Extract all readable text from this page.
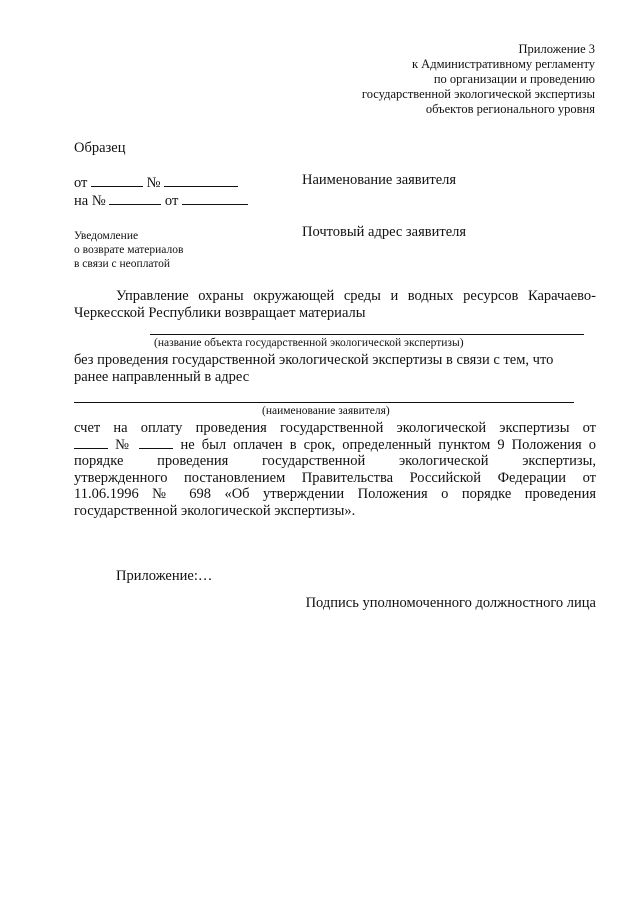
Приложение 3
к Административному регламенту
по организации и проведению
государственной экологической экспертизы
объектов регионального уровня
Образец
от	№
на №	от
Наименование заявителя
Почтовый адрес заявителя
Уведомление
о возврате материалов
в связи с неоплатой
Управление охраны окружающей среды и водных ресурсов Карачаево-
Черкесской Республики возвращает материалы
(название объекта государственной экологической экспертизы)
без проведения государственной экологической экспертизы в связи с тем, что
ранее направленный в адрес
(наименование заявителя)
счет на оплату проведения государственной экологической экспертизы от
№	не был оплачен в срок, определенный пунктом 9 Положения о
порядке проведения государственной экологической экспертизы,
утвержденного постановлением Правительства Российской Федерации от
11.06.1996 № 698 «Об утверждении Положения о порядке проведения
государственной экологической экспертизы».
Приложение:…
Подпись уполномоченного должностного лица
